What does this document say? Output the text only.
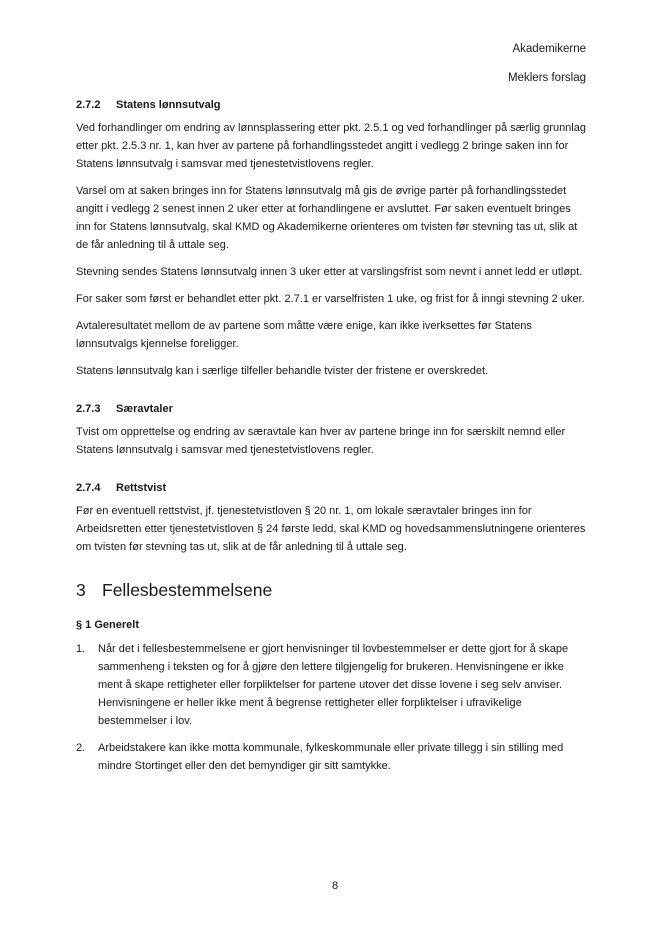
Akademikerne
Meklers forslag
2.7.2	Statens lønnsutvalg

Ved forhandlinger om endring av lønnsplassering etter pkt. 2.5.1 og ved forhandlinger på særlig grunnlag etter pkt. 2.5.3 nr. 1, kan hver av partene på forhandlingsstedet angitt i vedlegg 2 bringe saken inn for Statens lønnsutvalg i samsvar med tjenestetvistlovens regler.

Varsel om at saken bringes inn for Statens lønnsutvalg må gis de øvrige parter på forhandlingsstedet angitt i vedlegg 2 senest innen 2 uker etter at forhandlingene er avsluttet. Før saken eventuelt bringes inn for Statens lønnsutvalg, skal KMD og Akademikerne orienteres om tvisten før stevning tas ut, slik at de får anledning til å uttale seg.

Stevning sendes Statens lønnsutvalg innen 3 uker etter at varslingsfrist som nevnt i annet ledd er utløpt.

For saker som først er behandlet etter pkt. 2.7.1 er varselfristen 1 uke, og frist for å inngi stevning 2 uker.

Avtaleresultatet mellom de av partene som måtte være enige, kan ikke iverksettes før Statens lønnsutvalgs kjennelse foreligger.

Statens lønnsutvalg kan i særlige tilfeller behandle tvister der fristene er overskredet.

2.7.3	Særavtaler

Tvist om opprettelse og endring av særavtale kan hver av partene bringe inn for særskilt nemnd eller Statens lønnsutvalg i samsvar med tjenestetvistlovens regler.

2.7.4	Rettstvist

Før en eventuell rettstvist, jf. tjenestetvistloven § 20 nr. 1, om lokale særavtaler bringes inn for Arbeidsretten etter tjenestetvistloven § 24 første ledd, skal KMD og hovedsammenslutningene orienteres om tvisten før stevning tas ut, slik at de får anledning til å uttale seg.

3 Fellesbestemmelsene
§ 1 Generelt
1.	Når det i fellesbestemmelsene er gjort henvisninger til lovbestemmelser er dette gjort for å skape sammenheng i teksten og for å gjøre den lettere tilgjengelig for brukeren. Henvisningene er ikke ment å skape rettigheter eller forpliktelser for partene utover det disse lovene i seg selv anviser. Henvisningene er heller ikke ment å begrense rettigheter eller forpliktelser i ufravikelige bestemmelser i lov.
2.	Arbeidstakere kan ikke motta kommunale, fylkeskommunale eller private tillegg i sin stilling med mindre Stortinget eller den det bemyndiger gir sitt samtykke.
8
